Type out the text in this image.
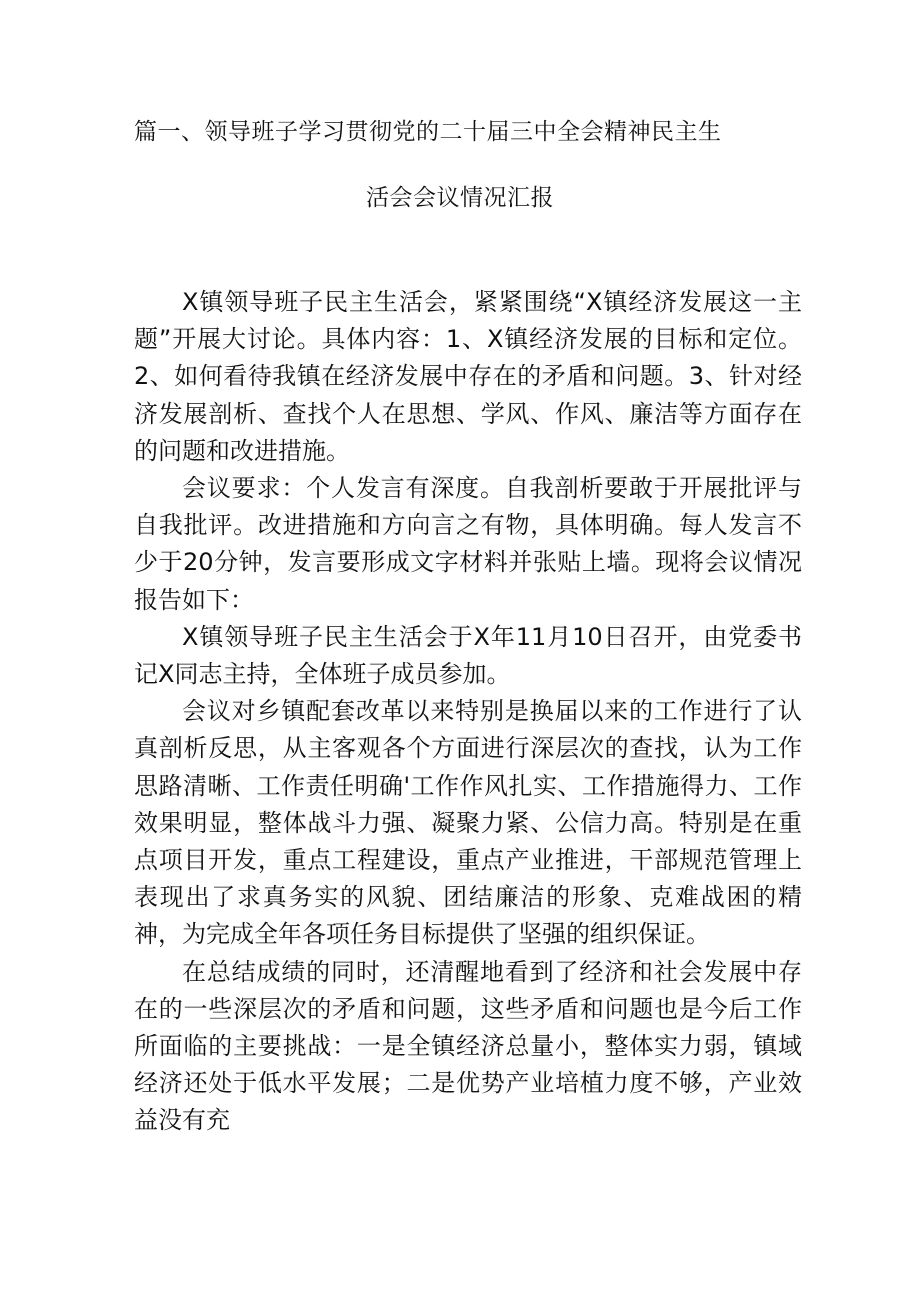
篇一、领导班子学习贯彻党的二十届三中全会精神民主生
活会会议情况汇报

X镇领导班子民主生活会，紧紧围绕“X镇经济发展这一主题”开展大讨论。具体内容：1、X镇经济发展的目标和定位。2、如何看待我镇在经济发展中存在的矛盾和问题。3、针对经济发展剖析、查找个人在思想、学风、作风、廉洁等方面存在的问题和改进措施。

会议要求：个人发言有深度。自我剖析要敢于开展批评与自我批评。改进措施和方向言之有物，具体明确。每人发言不少于20分钟，发言要形成文字材料并张贴上墙。现将会议情况报告如下：

X镇领导班子民主生活会于X年11月10日召开，由党委书记X同志主持，全体班子成员参加。

会议对乡镇配套改革以来特别是换届以来的工作进行了认真剖析反思，从主客观各个方面进行深层次的查找，认为工作思路清晰、工作责任明确'工作作风扎实、工作措施得力、工作效果明显，整体战斗力强、凝聚力紧、公信力高。特别是在重点项目开发，重点工程建设，重点产业推进，干部规范管理上表现出了求真务实的风貌、团结廉洁的形象、克难战困的精神，为完成全年各项任务目标提供了坚强的组织保证。

在总结成绩的同时，还清醒地看到了经济和社会发展中存在的一些深层次的矛盾和问题，这些矛盾和问题也是今后工作所面临的主要挑战：一是全镇经济总量小，整体实力弱，镇域经济还处于低水平发展；二是优势产业培植力度不够，产业效益没有充
